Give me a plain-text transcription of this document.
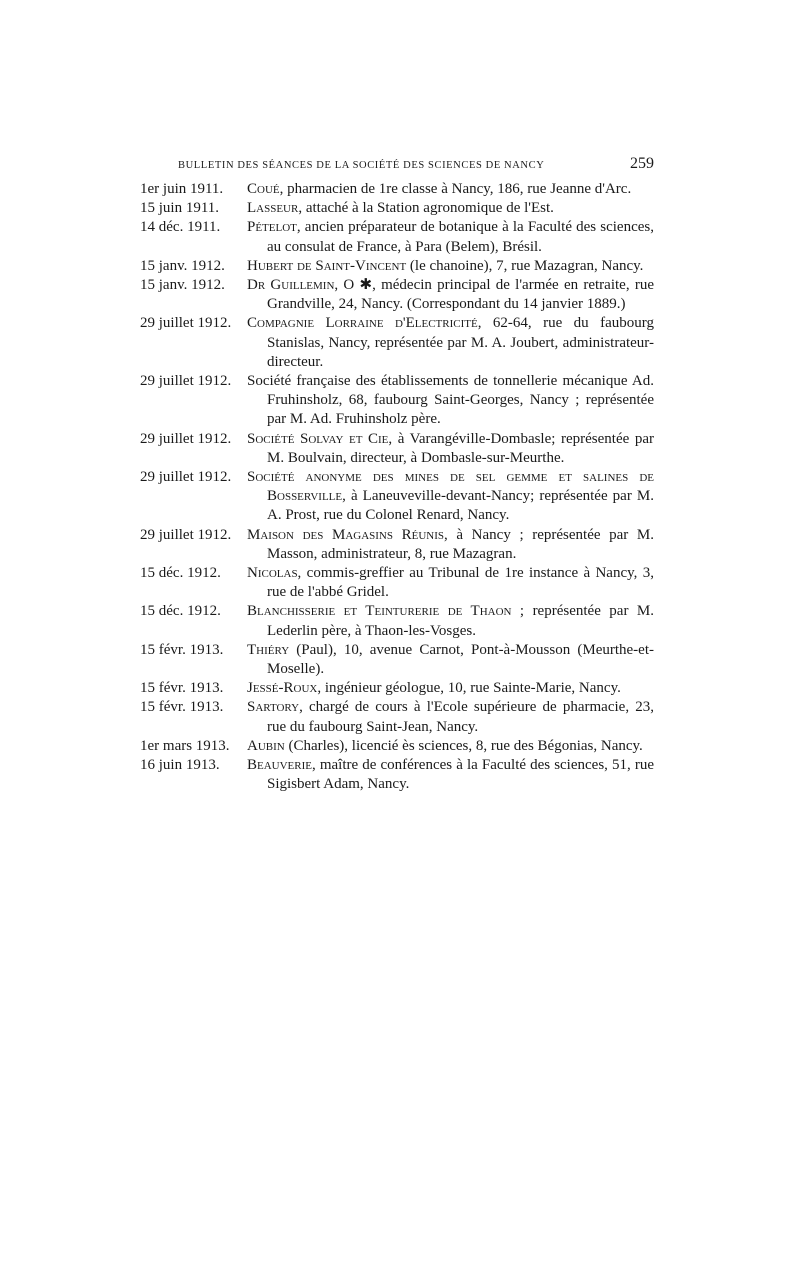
BULLETIN DES SÉANCES DE LA SOCIÉTÉ DES SCIENCES DE NANCY	259
1er juin 1911.	Coué, pharmacien de 1re classe à Nancy, 186, rue Jeanne d'Arc.
15 juin 1911.	Lasseur, attaché à la Station agronomique de l'Est.
14 déc. 1911.	Pételot, ancien préparateur de botanique à la Faculté des sciences, au consulat de France, à Para (Belem), Brésil.
15 janv. 1912.	Hubert de Saint-Vincent (le chanoine), 7, rue Mazagran, Nancy.
15 janv. 1912.	Dr Guillemin, O ✱, médecin principal de l'armée en retraite, rue Grandville, 24, Nancy. (Correspondant du 14 janvier 1889.)
29 juillet 1912.	Compagnie Lorraine d'Electricité, 62-64, rue du faubourg Stanislas, Nancy, représentée par M. A. Joubert, administrateur-directeur.
29 juillet 1912.	Société française des établissements de tonnellerie mécanique Ad. Fruhinsholz, 68, faubourg Saint-Georges, Nancy ; représentée par M. Ad. Fruhinsholz père.
29 juillet 1912.	Société Solvay et Cie, à Varangéville-Dombasle; représentée par M. Boulvain, directeur, à Dombasle-sur-Meurthe.
29 juillet 1912.	Société anonyme des mines de sel gemme et salines de Bosserville, à Laneuveville-devant-Nancy; représentée par M. A. Prost, rue du Colonel Renard, Nancy.
29 juillet 1912.	Maison des Magasins Réunis, à Nancy ; représentée par M. Masson, administrateur, 8, rue Mazagran.
15 déc. 1912.	Nicolas, commis-greffier au Tribunal de 1re instance à Nancy, 3, rue de l'abbé Gridel.
15 déc. 1912.	Blanchisserie et Teinturerie de Thaon ; représentée par M. Lederlin père, à Thaon-les-Vosges.
15 févr. 1913.	Thiéry (Paul), 10, avenue Carnot, Pont-à-Mousson (Meurthe-et-Moselle).
15 févr. 1913.	Jessé-Roux, ingénieur géologue, 10, rue Sainte-Marie, Nancy.
15 févr. 1913.	Sartory, chargé de cours à l'Ecole supérieure de pharmacie, 23, rue du faubourg Saint-Jean, Nancy.
1er mars 1913.	Aubin (Charles), licencié ès sciences, 8, rue des Bégonias, Nancy.
16 juin 1913.	Beauverie, maître de conférences à la Faculté des sciences, 51, rue Sigisbert Adam, Nancy.
